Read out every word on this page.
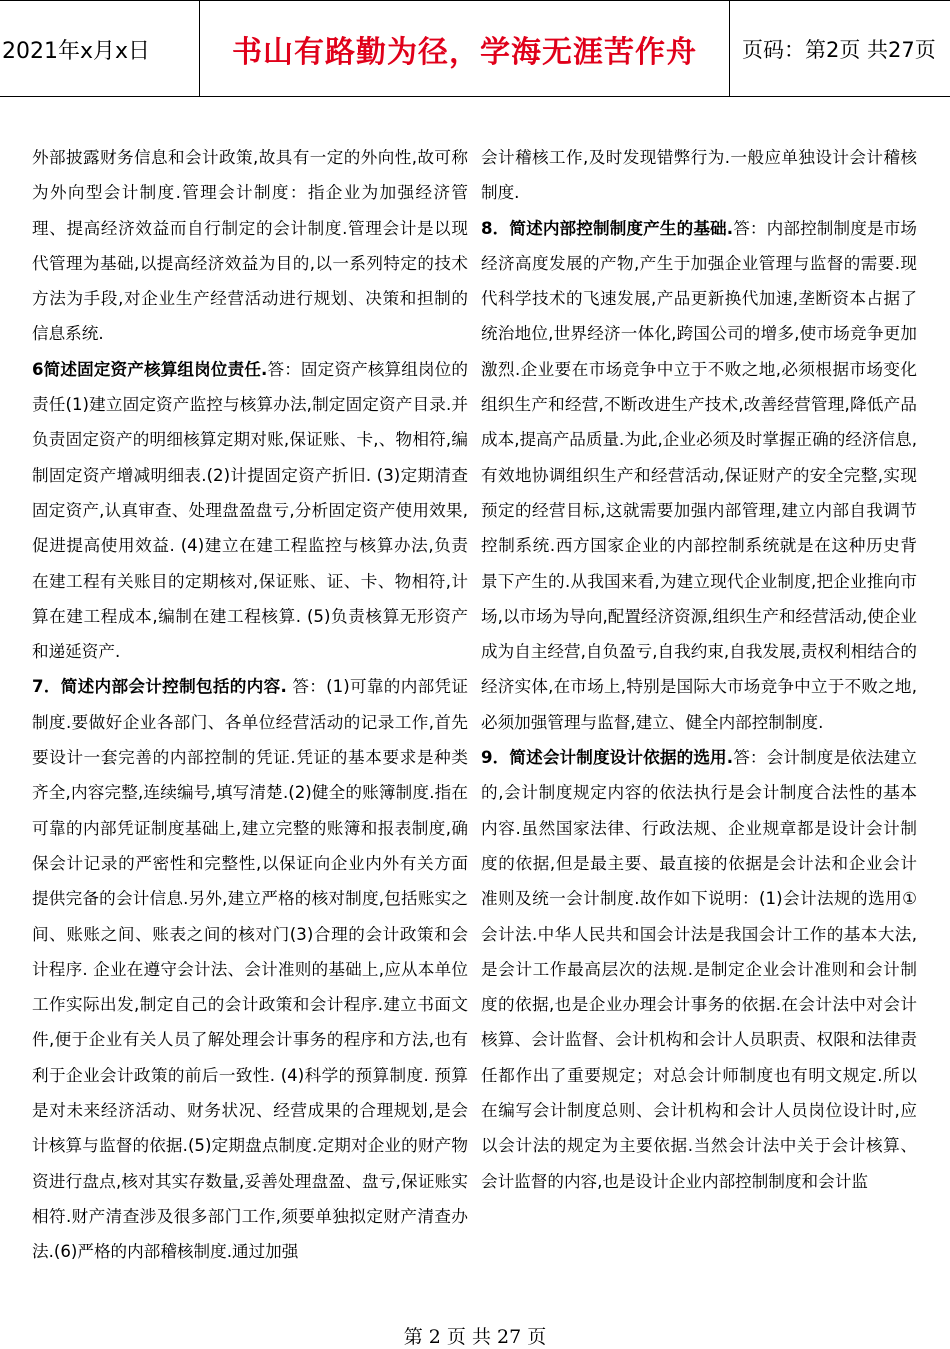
2021年x月x日	书山有路勤为径，学海无涯苦作舟	页码：第2页 共27页

外部披露财务信息和会计政策,故具有一定的外向性,故可称为外向型会计制度.管理会计制度：指企业为加强经济管理、提高经济效益而自行制定的会计制度.管理会计是以现代管理为基础,以提高经济效益为目的,以一系列特定的技术方法为手段,对企业生产经营活动进行规划、决策和担制的信息系统.

6简述固定资产核算组岗位责任.答：固定资产核算组岗位的责任(1)建立固定资产监控与核算办法,制定固定资产目录.并负责固定资产的明细核算定期对账,保证账、卡,、物相符,编制固定资产增减明细表.(2)计提固定资产折旧. (3)定期清查固定资产,认真审查、处理盘盈盘亏,分析固定资产使用效果,促进提高使用效益. (4)建立在建工程监控与核算办法,负责在建工程有关账目的定期核对,保证账、证、卡、物相符,计算在建工程成本,编制在建工程核算. (5)负责核算无形资产和递延资产.

7．简述内部会计控制包括的内容. 答：(1)可靠的内部凭证制度.要做好企业各部门、各单位经营活动的记录工作,首先要设计一套完善的内部控制的凭证.凭证的基本要求是种类齐全,内容完整,连续编号,填写清楚.(2)健全的账簿制度.指在可靠的内部凭证制度基础上,建立完整的账簿和报表制度,确保会计记录的严密性和完整性,以保证向企业内外有关方面提供完备的会计信息.另外,建立严格的核对制度,包括账实之间、账账之间、账表之间的核对门(3)合理的会计政策和会计程序. 企业在遵守会计法、会计准则的基础上,应从本单位工作实际出发,制定自己的会计政策和会计程序.建立书面文件,便于企业有关人员了解处理会计事务的程序和方法,也有利于企业会计政策的前后一致性. (4)科学的预算制度. 预算是对未来经济活动、财务状况、经营成果的合理规划,是会计核算与监督的依据.(5)定期盘点制度.定期对企业的财产物资进行盘点,核对其实存数量,妥善处理盘盈、盘亏,保证账实相符.财产清查涉及很多部门工作,须要单独拟定财产清查办法.(6)严格的内部稽核制度.通过加强

会计稽核工作,及时发现错弊行为.一般应单独设计会计稽核制度.

8．简述内部控制制度产生的基础.答：内部控制制度是市场经济高度发展的产物,产生于加强企业管理与监督的需要.现代科学技术的飞速发展,产品更新换代加速,垄断资本占据了统治地位,世界经济一体化,跨国公司的增多,使市场竞争更加激烈.企业要在市场竞争中立于不败之地,必须根据市场变化组织生产和经营,不断改进生产技术,改善经营管理,降低产品成本,提高产品质量.为此,企业必须及时掌握正确的经济信息,有效地协调组织生产和经营活动,保证财产的安全完整,实现预定的经营目标,这就需要加强内部管理,建立内部自我调节控制系统.西方国家企业的内部控制系统就是在这种历史背景下产生的.从我国来看,为建立现代企业制度,把企业推向市场,以市场为导向,配置经济资源,组织生产和经营活动,使企业成为自主经营,自负盈亏,自我约束,自我发展,责权利相结合的经济实体,在市场上,特别是国际大市场竞争中立于不败之地,必须加强管理与监督,建立、健全内部控制制度.

9．简述会计制度设计依据的选用.答：会计制度是依法建立的,会计制度规定内容的依法执行是会计制度合法性的基本内容.虽然国家法律、行政法规、企业规章都是设计会计制度的依据,但是最主要、最直接的依据是会计法和企业会计准则及统一会计制度.故作如下说明：(1)会计法规的选用①会计法.中华人民共和国会计法是我国会计工作的基本大法,是会计工作最高层次的法规.是制定企业会计准则和会计制度的依据,也是企业办理会计事务的依据.在会计法中对会计核算、会计监督、会计机构和会计人员职责、权限和法律责任都作出了重要规定；对总会计师制度也有明文规定.所以在编写会计制度总则、会计机构和会计人员岗位设计时,应以会计法的规定为主要依据.当然会计法中关于会计核算、会计监督的内容,也是设计企业内部控制制度和会计监

第 2 页 共 27 页
